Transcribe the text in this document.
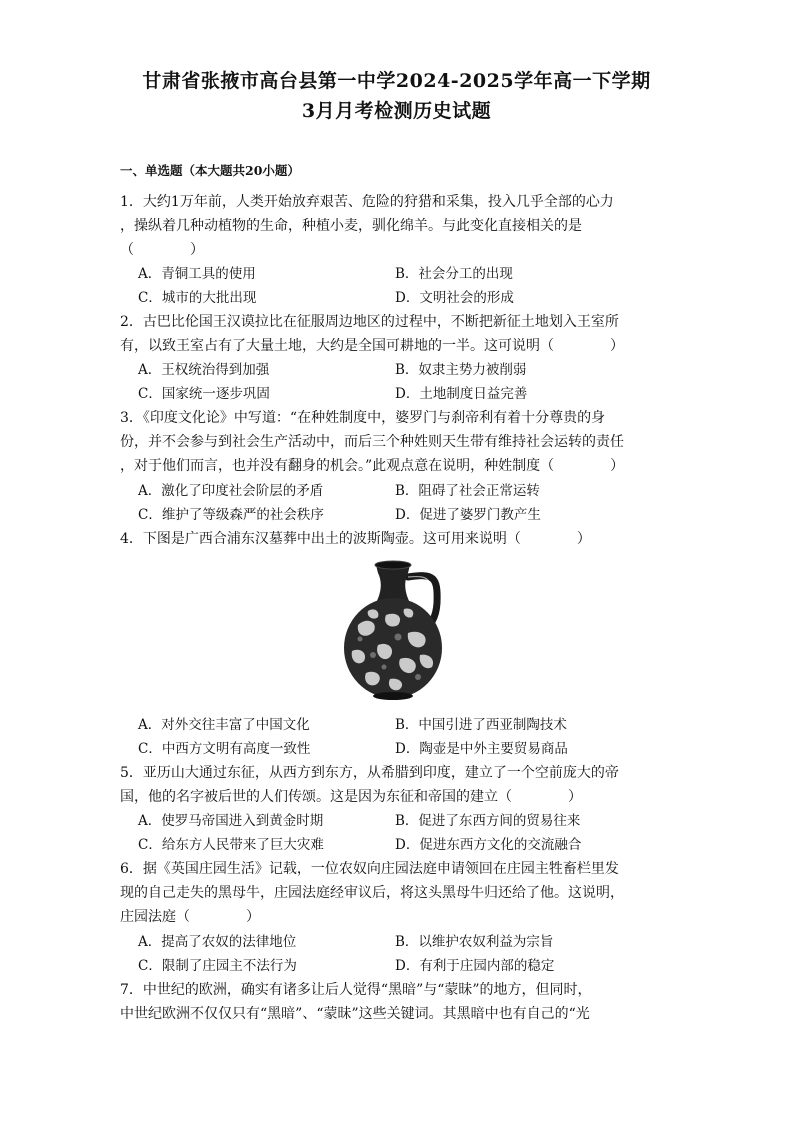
甘肃省张掖市高台县第一中学2024-2025学年高一下学期
3月月考检测历史试题
一、单选题（本大题共20小题）
1．大约1万年前，人类开始放弃艰苦、危险的狩猎和采集，投入几乎全部的心力
，操纵着几种动植物的生命，种植小麦，驯化绵羊。与此变化直接相关的是
（　　　　）
A．青铜工具的使用	B．社会分工的出现
C．城市的大批出现	D．文明社会的形成
2．古巴比伦国王汉谟拉比在征服周边地区的过程中，不断把新征土地划入王室所
有，以致王室占有了大量土地，大约是全国可耕地的一半。这可说明（　　　　）
A．王权统治得到加强	B．奴隶主势力被削弱
C．国家统一逐步巩固	D．土地制度日益完善
3．《印度文化论》中写道：“在种姓制度中，婆罗门与刹帝利有着十分尊贵的身
份，并不会参与到社会生产活动中，而后三个种姓则天生带有维持社会运转的责任
，对于他们而言，也并没有翻身的机会。”此观点意在说明，种姓制度（　　　　）
A．激化了印度社会阶层的矛盾	B．阻碍了社会正常运转
C．维护了等级森严的社会秩序	D．促进了婆罗门教产生
4．下图是广西合浦东汉墓葬中出土的波斯陶壶。这可用来说明（　　　　）
A．对外交往丰富了中国文化	B．中国引进了西亚制陶技术
C．中西方文明有高度一致性	D．陶壶是中外主要贸易商品
5．亚历山大通过东征，从西方到东方，从希腊到印度，建立了一个空前庞大的帝
国，他的名字被后世的人们传颂。这是因为东征和帝国的建立（　　　　）
A．使罗马帝国进入到黄金时期	B．促进了东西方间的贸易往来
C．给东方人民带来了巨大灾难	D．促进东西方文化的交流融合
6．据《英国庄园生活》记载，一位农奴向庄园法庭申请领回在庄园主牲畜栏里发
现的自己走失的黑母牛，庄园法庭经审议后，将这头黑母牛归还给了他。这说明，
庄园法庭（　　　　）
A．提高了农奴的法律地位	B．以维护农奴利益为宗旨
C．限制了庄园主不法行为	D．有利于庄园内部的稳定
7．中世纪的欧洲，确实有诸多让后人觉得“黑暗”与“蒙昧”的地方，但同时，
中世纪欧洲不仅仅只有“黑暗”、“蒙昧”这些关键词。其黑暗中也有自己的“光
